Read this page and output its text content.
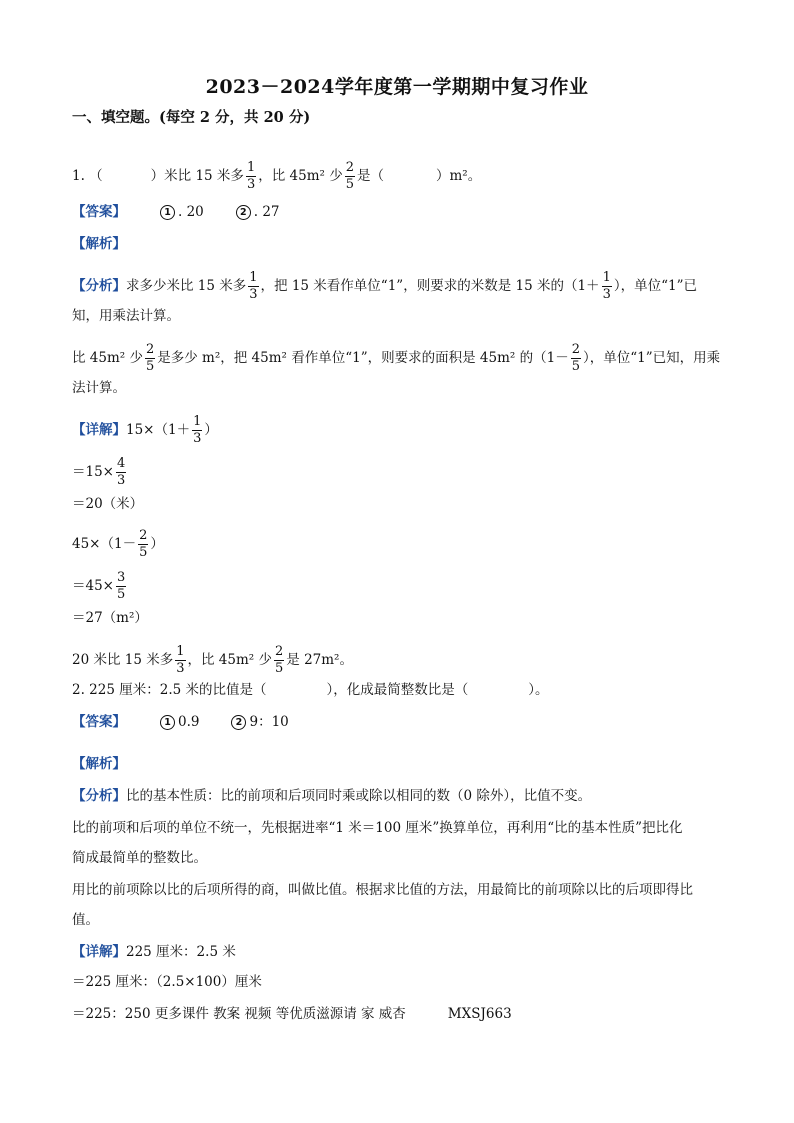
2023－2024学年度第一学期期中复习作业
一、填空题。(每空 2 分，共 20 分)
1. （	）米比 15 米多 $\frac{1}{3}$ ，比 45m² 少 $\frac{2}{5}$ 是（	）m²。
【答案】	1 . 20	2 . 27
【解析】
【分析】求多少米比 15 米多 $\frac{1}{3}$ ，把 15 米看作单位“1”，则要求的米数是 15 米的（$1+ \frac{1}{3}$ ），单位“1”已
知，用乘法计算。
比 45m² 少 $\frac{2}{5}$ 是多少 m²，把 45m² 看作单位“1”，则要求的面积是 45m² 的（$1- \frac{2}{5}$ ），单位“1”已知，用乘
法计算。
【详解】$15\times(1+ \frac{1}{3}$ ）
$=15\times \frac{4}{3}$
＝20（米）
$45\times(1- \frac{2}{5}$ ）
$=45\times \frac{3}{5}$
＝27（m²）
20 米比 15 米多 $\frac{1}{3}$ ，比 45m² 少 $\frac{2}{5}$ 是 27m²。
2. 225 厘米：2.5 米的比值是（	），化成最简整数比是（	）。
【答案】	1 0.9	2 9：10
【解析】
【分析】比的基本性质：比的前项和后项同时乘或除以相同的数（0 除外），比值不变。
比的前项和后项的单位不统一，先根据进率“1 米＝100 厘米”换算单位，再利用“比的基本性质”把比化
简成最简单的整数比。
用比的前项除以比的后项所得的商，叫做比值。根据求比值的方法，用最简比的前项除以比的后项即得比
值。
【详解】225 厘米：2.5 米
＝225 厘米：（2.5×100）厘米
＝225：250 更多课件 教案 视频 等优质滋源请 家 威杏	MXSJ663
